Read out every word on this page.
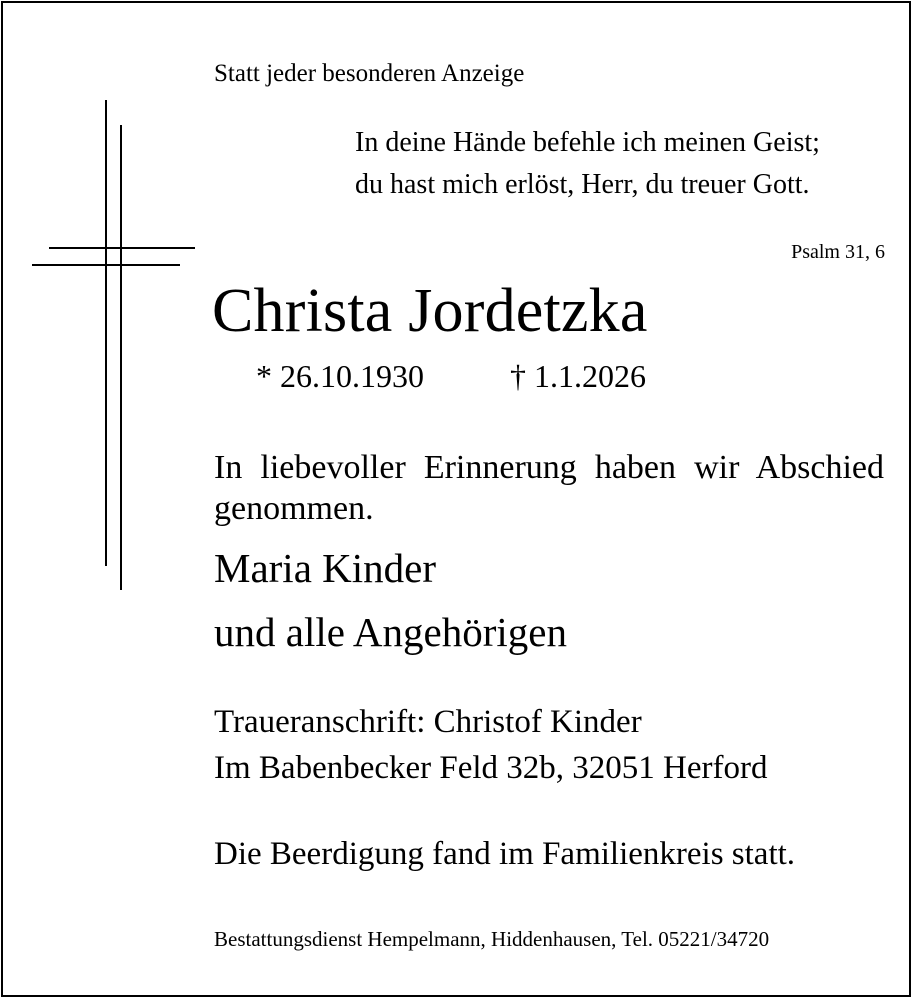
Statt jeder besonderen Anzeige
In deine Hände befehle ich meinen Geist;
du hast mich erlöst, Herr, du treuer Gott.
Psalm 31, 6
Christa Jordetzka
* 26.10.1930	† 1.1.2026
In liebevoller Erinnerung haben wir Abschied genommen.
Maria Kinder
und alle Angehörigen
Traueranschrift: Christof Kinder
Im Babenbecker Feld 32b, 32051 Herford
Die Beerdigung fand im Familienkreis statt.
Bestattungsdienst Hempelmann, Hiddenhausen, Tel. 05221/34720
